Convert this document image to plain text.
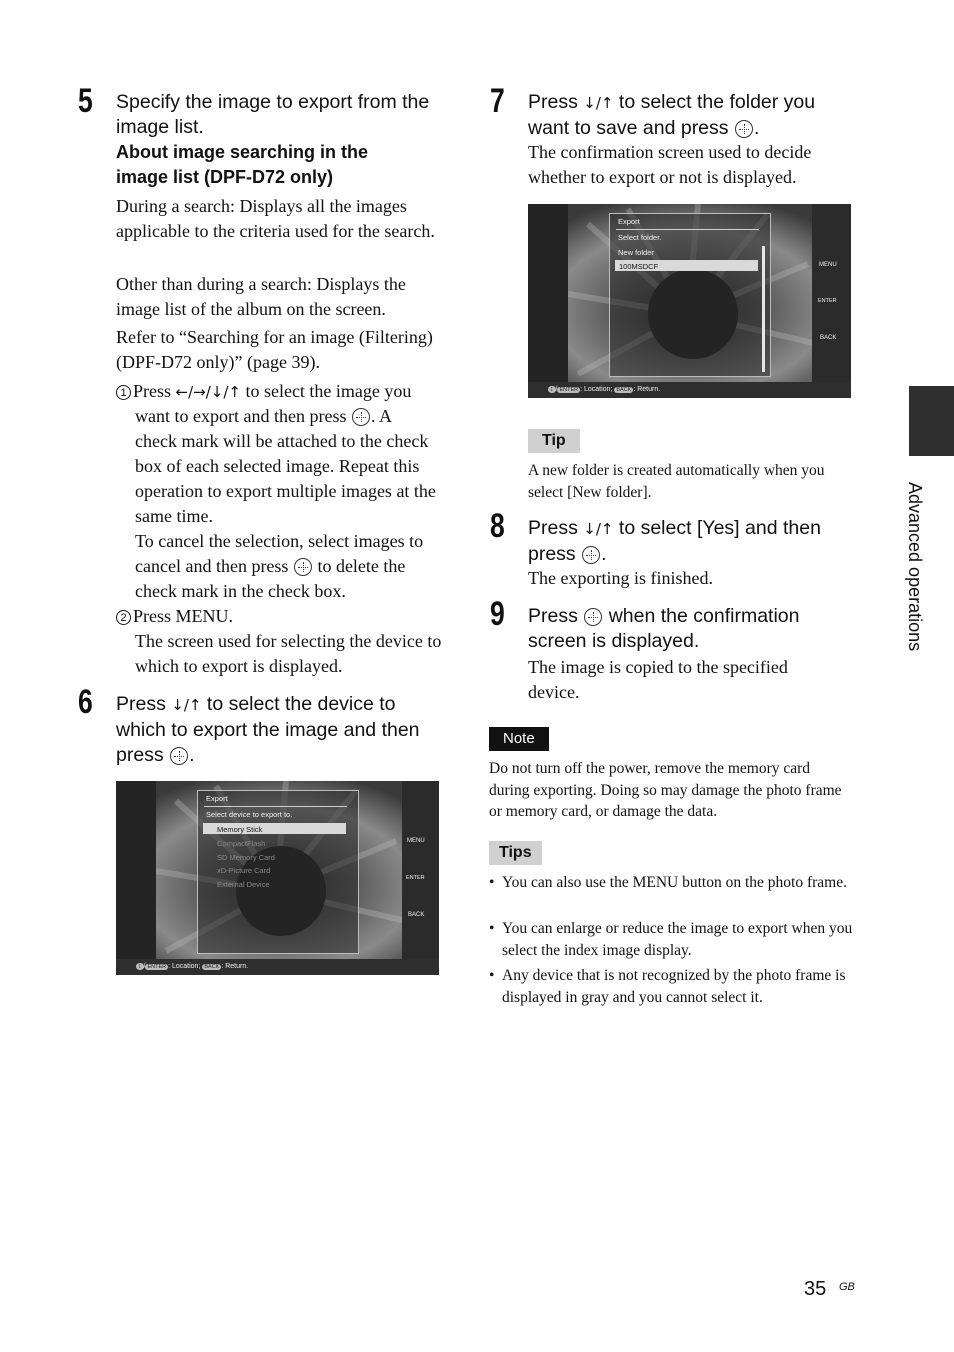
5 Specify the image to export from the image list.
About image searching in the image list (DPF-D72 only)
During a search: Displays all the images applicable to the criteria used for the search.
Other than during a search: Displays the image list of the album on the screen.
Refer to “Searching for an image (Filtering) (DPF-D72 only)” (page 39).
1 Press ←/→/↓/↑ to select the image you
want to export and then press . A
check mark will be attached to the check box of each selected image. Repeat this operation to export multiple images at the same time.
To cancel the selection, select images to cancel and then press to delete the check mark in the check box.
2 Press MENU.
The screen used for selecting the device to which to export is displayed.
6 Press ↓/↑ to select the device to which to export the image and then press .
MENU
ENTER
BACK
Export
Select device to export to.
Memory Stick
CompactFlash
SD Memory Card
xD-Picture Card
External Device
↕ ENTER : Location; BACK : Return.
7 Press ↓/↑ to select the folder you want to save and press .
The confirmation screen used to decide whether to export or not is displayed.
MENU
ENTER
BACK
Export
Select folder.
New folder
100MSDCF
↕ ENTER : Location; BACK : Return.
Tip
A new folder is created automatically when you select [New folder].
8 Press ↓/↑ to select [Yes] and then press .
The exporting is finished.
9 Press when the confirmation screen is displayed.
The image is copied to the specified device.
Note
Do not turn off the power, remove the memory card during exporting. Doing so may damage the photo frame or memory card, or damage the data.
Tips
• You can also use the MENU button on the photo frame.
• You can enlarge or reduce the image to export when you select the index image display.
• Any device that is not recognized by the photo frame is displayed in gray and you cannot select it.
Advanced operations
35 GB
